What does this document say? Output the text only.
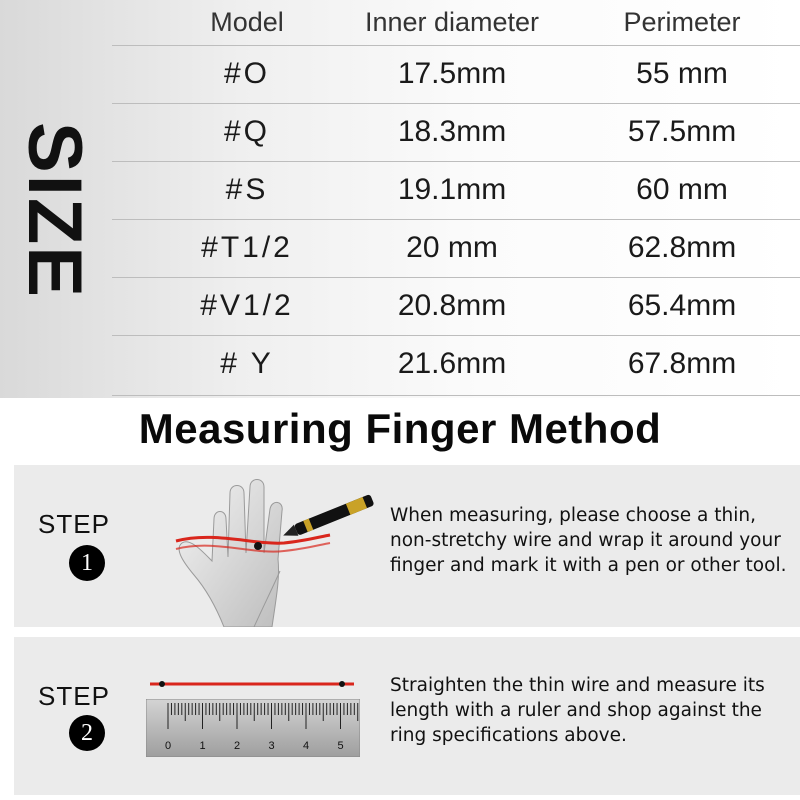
SIZE
Model	Inner diameter	Perimeter
#O	17.5mm	55 mm
#Q	18.3mm	57.5mm
#S	19.1mm	60 mm
#T1/2	20 mm	62.8mm
#V1/2	20.8mm	65.4mm
# Y	21.6mm	67.8mm
Measuring Finger Method
STEP
1
When measuring, please choose a thin, non-stretchy wire and wrap it around your finger and mark it with a pen or other tool.
STEP
2
0	1	2	3	4	5
Straighten the thin wire and measure its length with a ruler and shop against the ring specifications above.
